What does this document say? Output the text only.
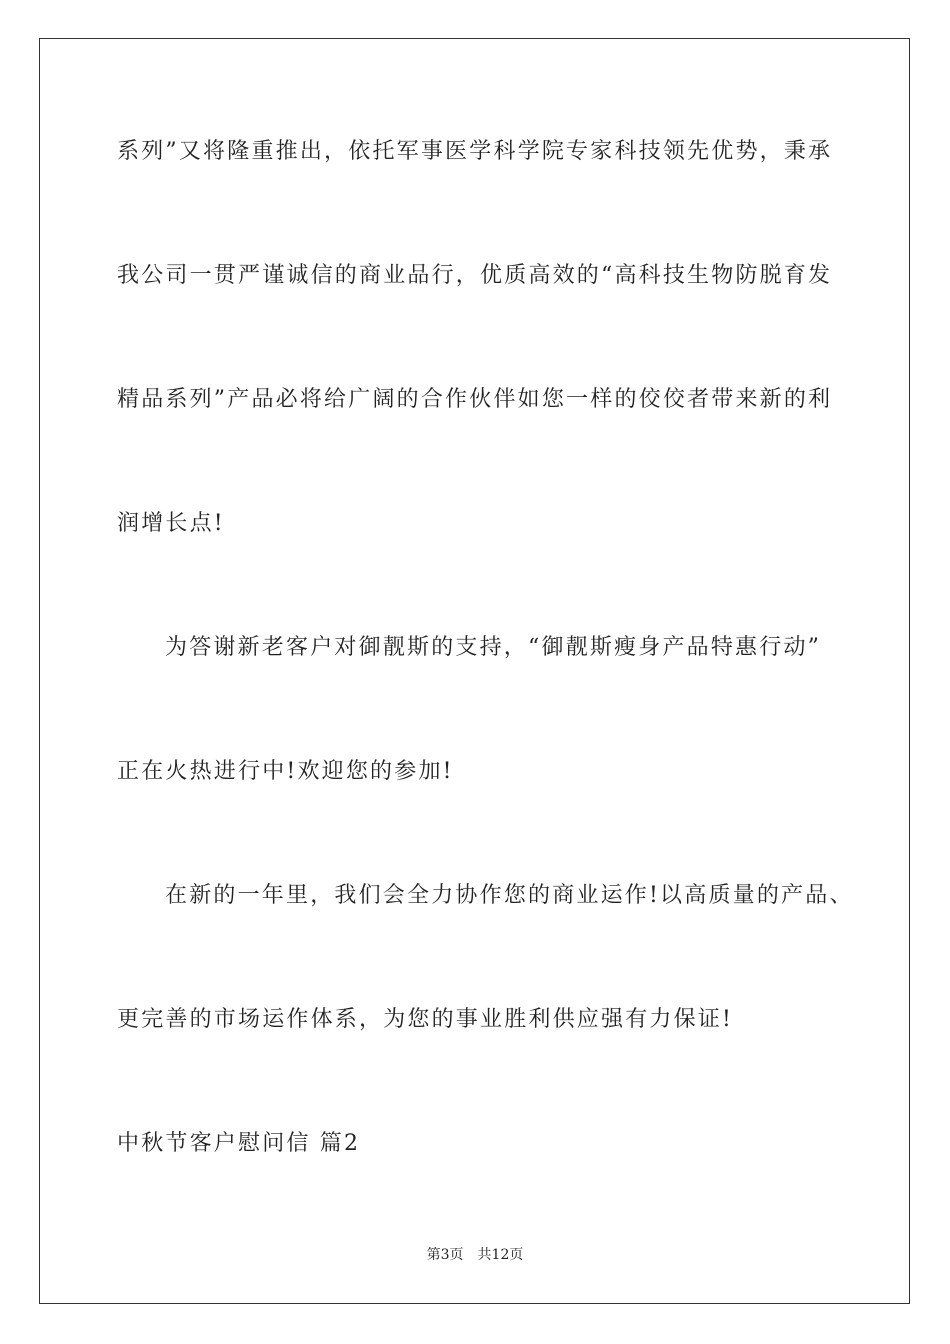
系列”又将隆重推出，依托军事医学科学院专家科技领先优势，秉承
我公司一贯严谨诚信的商业品行，优质高效的“高科技生物防脱育发
精品系列”产品必将给广阔的合作伙伴如您一样的佼佼者带来新的利
润增长点!
为答谢新老客户对御靓斯的支持，“御靓斯瘦身产品特惠行动”
正在火热进行中!欢迎您的参加!
在新的一年里，我们会全力协作您的商业运作!以高质量的产品、
更完善的市场运作体系，为您的事业胜利供应强有力保证!
中秋节客户慰问信 篇2
第3页 共12页
